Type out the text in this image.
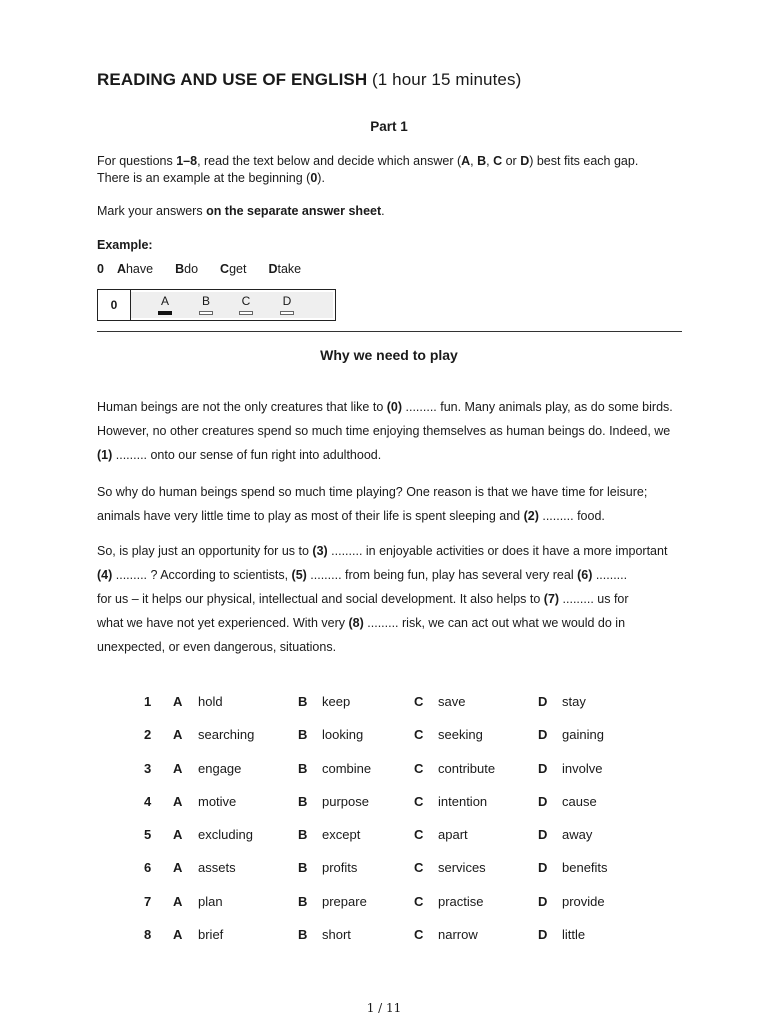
READING AND USE OF ENGLISH (1 hour 15 minutes)
Part 1
For questions 1–8, read the text below and decide which answer (A, B, C or D) best fits each gap.
There is an example at the beginning (0).
Mark your answers on the separate answer sheet.
Example:
0 A have B do C get D take
0	A	B	C	D
Why we need to play
Human beings are not the only creatures that like to (0) ......... fun. Many animals play, as do some birds.
However, no other creatures spend so much time enjoying themselves as human beings do. Indeed, we
(1) ......... onto our sense of fun right into adulthood.
So why do human beings spend so much time playing? One reason is that we have time for leisure;
animals have very little time to play as most of their life is spent sleeping and (2) ......... food.
So, is play just an opportunity for us to (3) ......... in enjoyable activities or does it have a more important
(4) ......... ? According to scientists, (5) ......... from being fun, play has several very real (6) .........
for us – it helps our physical, intellectual and social development. It also helps to (7) ......... us for
what we have not yet experienced. With very (8) ......... risk, we can act out what we would do in
unexpected, or even dangerous, situations.
1 A hold	B keep	C save	D stay
2 A searching	B looking	C seeking	D gaining
3 A engage	B combine	C contribute	D involve
4 A motive	B purpose	C intention	D cause
5 A excluding	B except	C apart	D away
6 A assets	B profits	C services	D benefits
7 A plan	B prepare	C practise	D provide
8 A brief	B short	C narrow	D little
1 / 11
